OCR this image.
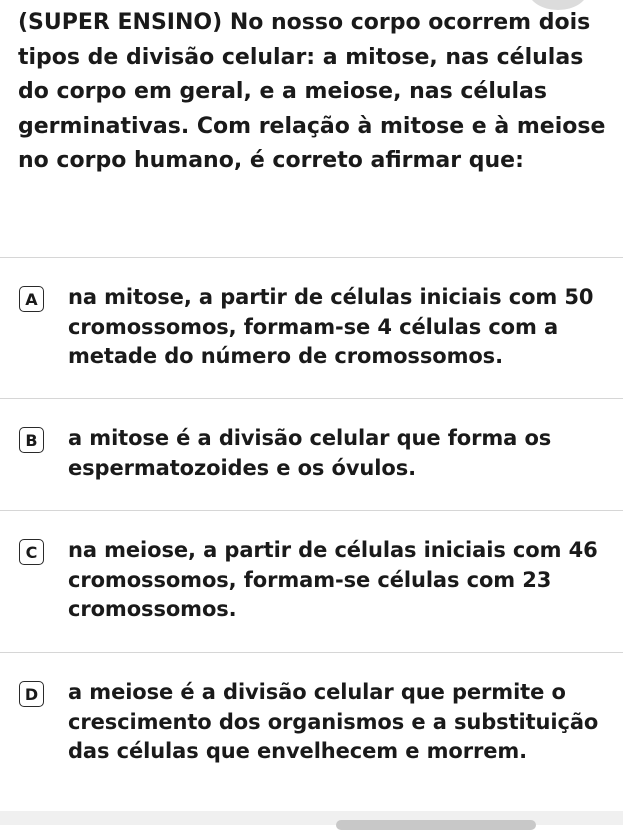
(SUPER ENSINO) No nosso corpo ocorrem dois tipos de divisão celular: a mitose, nas células do corpo em geral, e a meiose, nas células germinativas. Com relação à mitose e à meiose no corpo humano, é correto afirmar que:

A	na mitose, a partir de células iniciais com 50 cromossomos, formam-se 4 células com a metade do número de cromossomos.

B	a mitose é a divisão celular que forma os espermatozoides e os óvulos.

C	na meiose, a partir de células iniciais com 46 cromossomos, formam-se células com 23 cromossomos.

D a meiose é a divisão celular que permite o crescimento dos organismos e a substituição das células que envelhecem e morrem.
